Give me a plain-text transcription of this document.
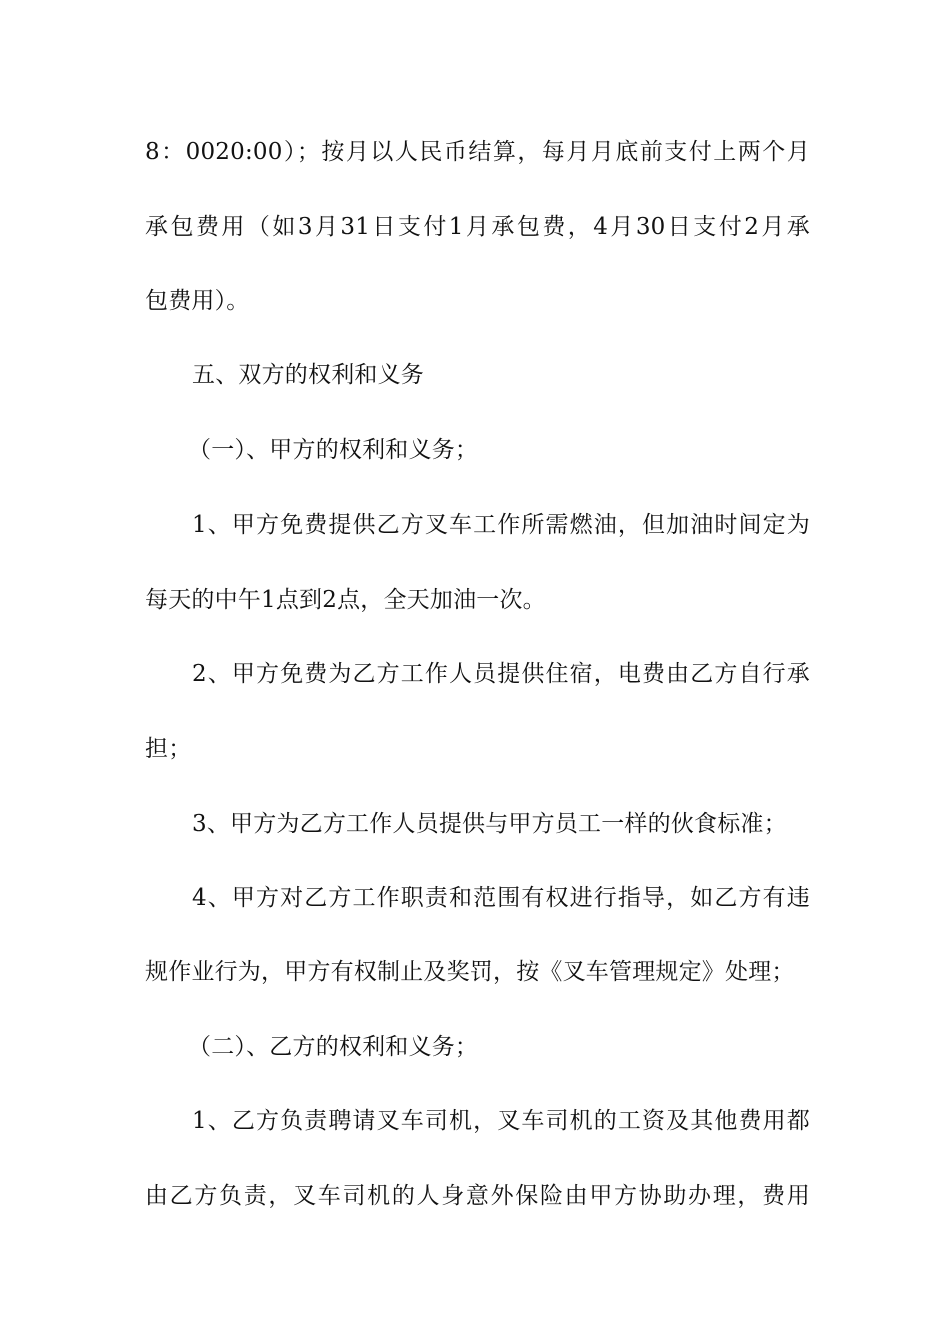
8：0020:00）；按月以人民币结算，每月月底前支付上两个月
承包费用（如3月31日支付1月承包费，4月30日支付2月承
包费用）。
五、双方的权利和义务
（一）、甲方的权利和义务；
1、甲方免费提供乙方叉车工作所需燃油，但加油时间定为
每天的中午1点到2点，全天加油一次。
2、甲方免费为乙方工作人员提供住宿，电费由乙方自行承
担；
3、甲方为乙方工作人员提供与甲方员工一样的伙食标准；
4、甲方对乙方工作职责和范围有权进行指导，如乙方有违
规作业行为，甲方有权制止及奖罚，按《叉车管理规定》处理；
（二）、乙方的权利和义务；
1、乙方负责聘请叉车司机，叉车司机的工资及其他费用都
由乙方负责，叉车司机的人身意外保险由甲方协助办理，费用
